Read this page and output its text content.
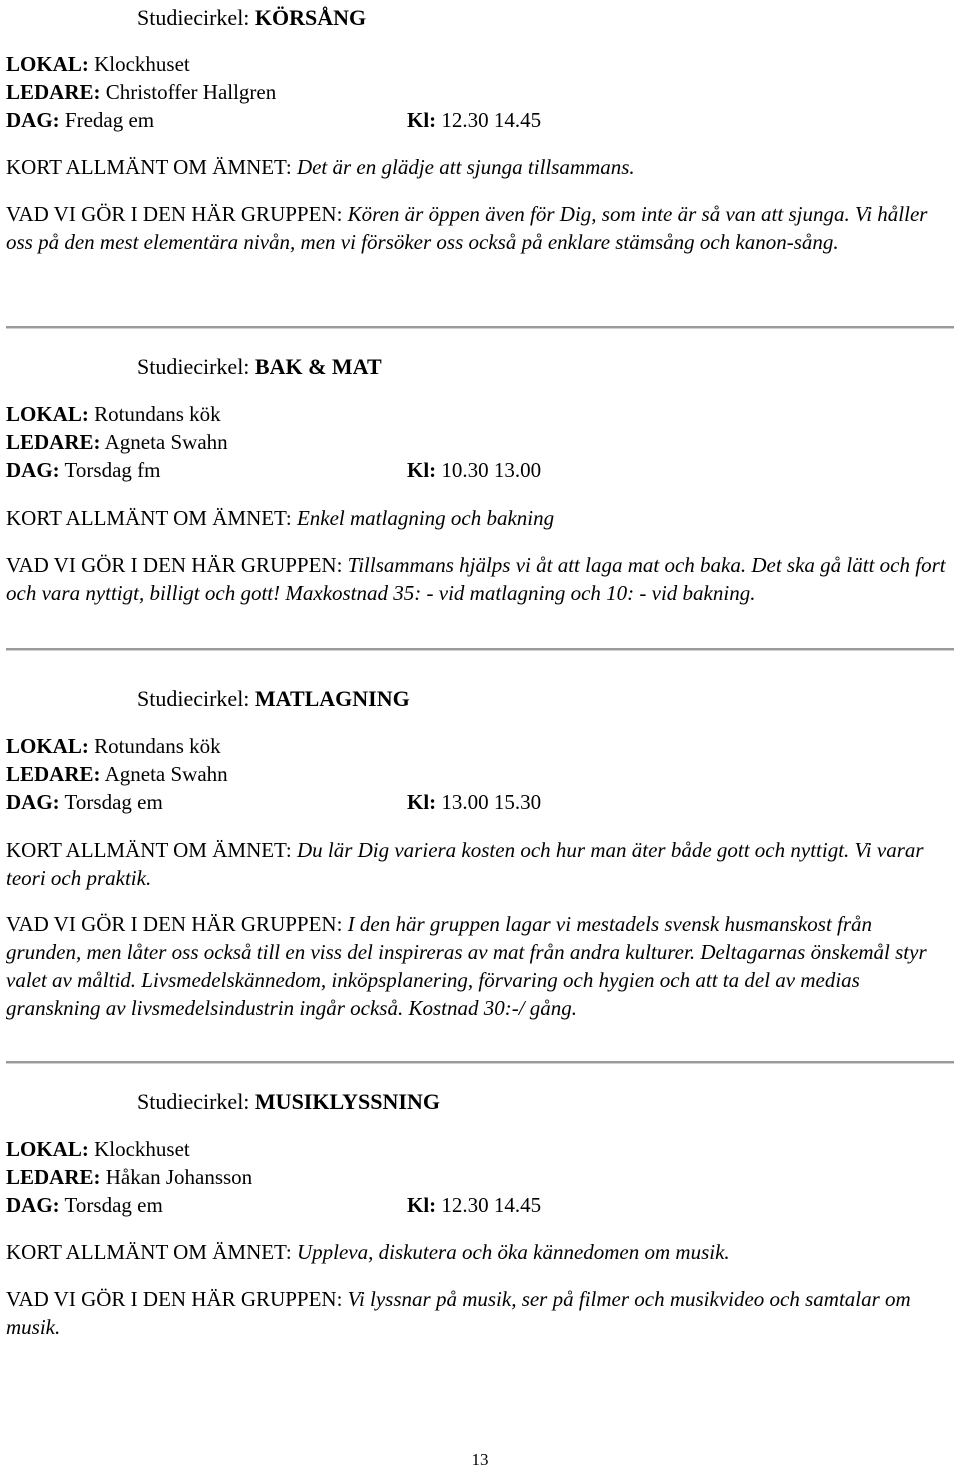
Studiecirkel: KÖRSÅNG
LOKAL: Klockhuset
LEDARE: Christoffer Hallgren
DAG: Fredag em	Kl: 12.30 14.45
KORT ALLMÄNT OM ÄMNET: Det är en glädje att sjunga tillsammans.
VAD VI GÖR I DEN HÄR GRUPPEN: Kören är öppen även för Dig, som inte är så van att sjunga. Vi håller oss på den mest elementära nivån, men vi försöker oss också på enklare stämsång och kanon-sång.
Studiecirkel: BAK & MAT
LOKAL: Rotundans kök
LEDARE: Agneta Swahn
DAG: Torsdag fm	Kl: 10.30 13.00
KORT ALLMÄNT OM ÄMNET: Enkel matlagning och bakning
VAD VI GÖR I DEN HÄR GRUPPEN: Tillsammans hjälps vi åt att laga mat och baka. Det ska gå lätt och fort och vara nyttigt, billigt och gott! Maxkostnad 35: - vid matlagning och 10: - vid bakning.
Studiecirkel: MATLAGNING
LOKAL: Rotundans kök
LEDARE: Agneta Swahn
DAG: Torsdag em	Kl: 13.00 15.30
KORT ALLMÄNT OM ÄMNET: Du lär Dig variera kosten och hur man äter både gott och nyttigt. Vi varar teori och praktik.
VAD VI GÖR I DEN HÄR GRUPPEN: I den här gruppen lagar vi mestadels svensk husmanskost från grunden, men låter oss också till en viss del inspireras av mat från andra kulturer. Deltagarnas önskemål styr valet av måltid. Livsmedelskännedom, inköpsplanering, förvaring och hygien och att ta del av medias granskning av livsmedelsindustrin ingår också. Kostnad 30:-/ gång.
Studiecirkel: MUSIKLYSSNING
LOKAL: Klockhuset
LEDARE: Håkan Johansson
DAG: Torsdag em	Kl: 12.30 14.45
KORT ALLMÄNT OM ÄMNET: Uppleva, diskutera och öka kännedomen om musik.
VAD VI GÖR I DEN HÄR GRUPPEN: Vi lyssnar på musik, ser på filmer och musikvideo och samtalar om musik.
13
